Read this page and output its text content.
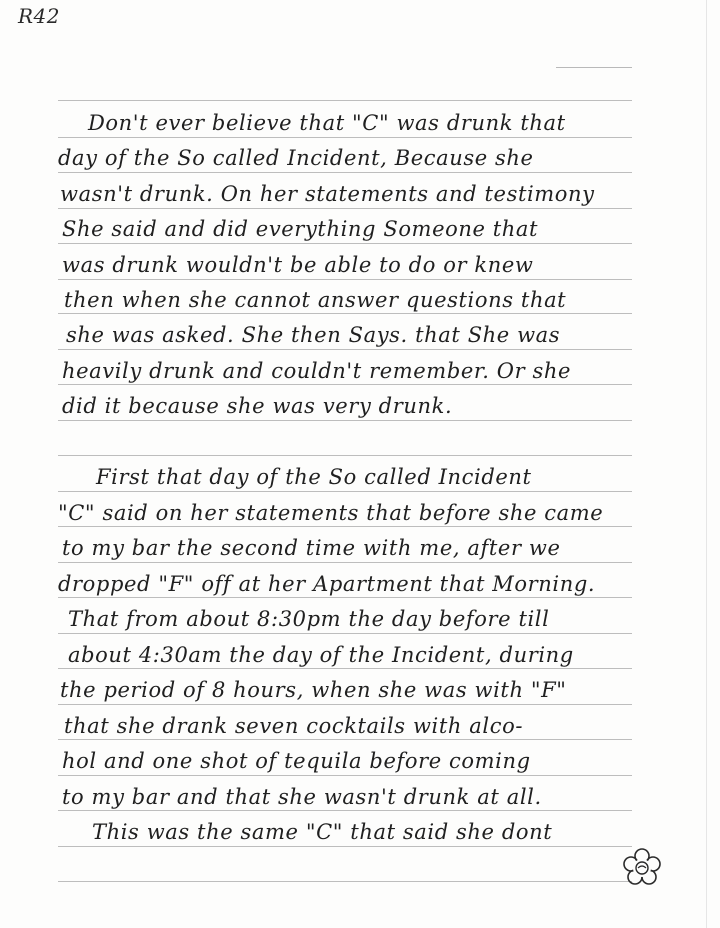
R42
Don't ever believe that "C" was drunk that
day of the So called Incident, Because she
wasn't drunk. On her statements and testimony
She said and did everything Someone that
was drunk wouldn't be able to do or knew
then when she cannot answer questions that
she was asked. She then Says. that She was
heavily drunk and couldn't remember. Or she
did it because she was very drunk.
First that day of the So called Incident
"C" said on her statements that before she came
to my bar the second time with me, after we
dropped "F" off at her Apartment that Morning.
That from about 8:30pm the day before till
about 4:30am the day of the Incident, during
the period of 8 hours, when she was with "F"
that she drank seven cocktails with alco-
hol and one shot of tequila before coming
to my bar and that she wasn't drunk at all.
This was the same "C" that said she dont
